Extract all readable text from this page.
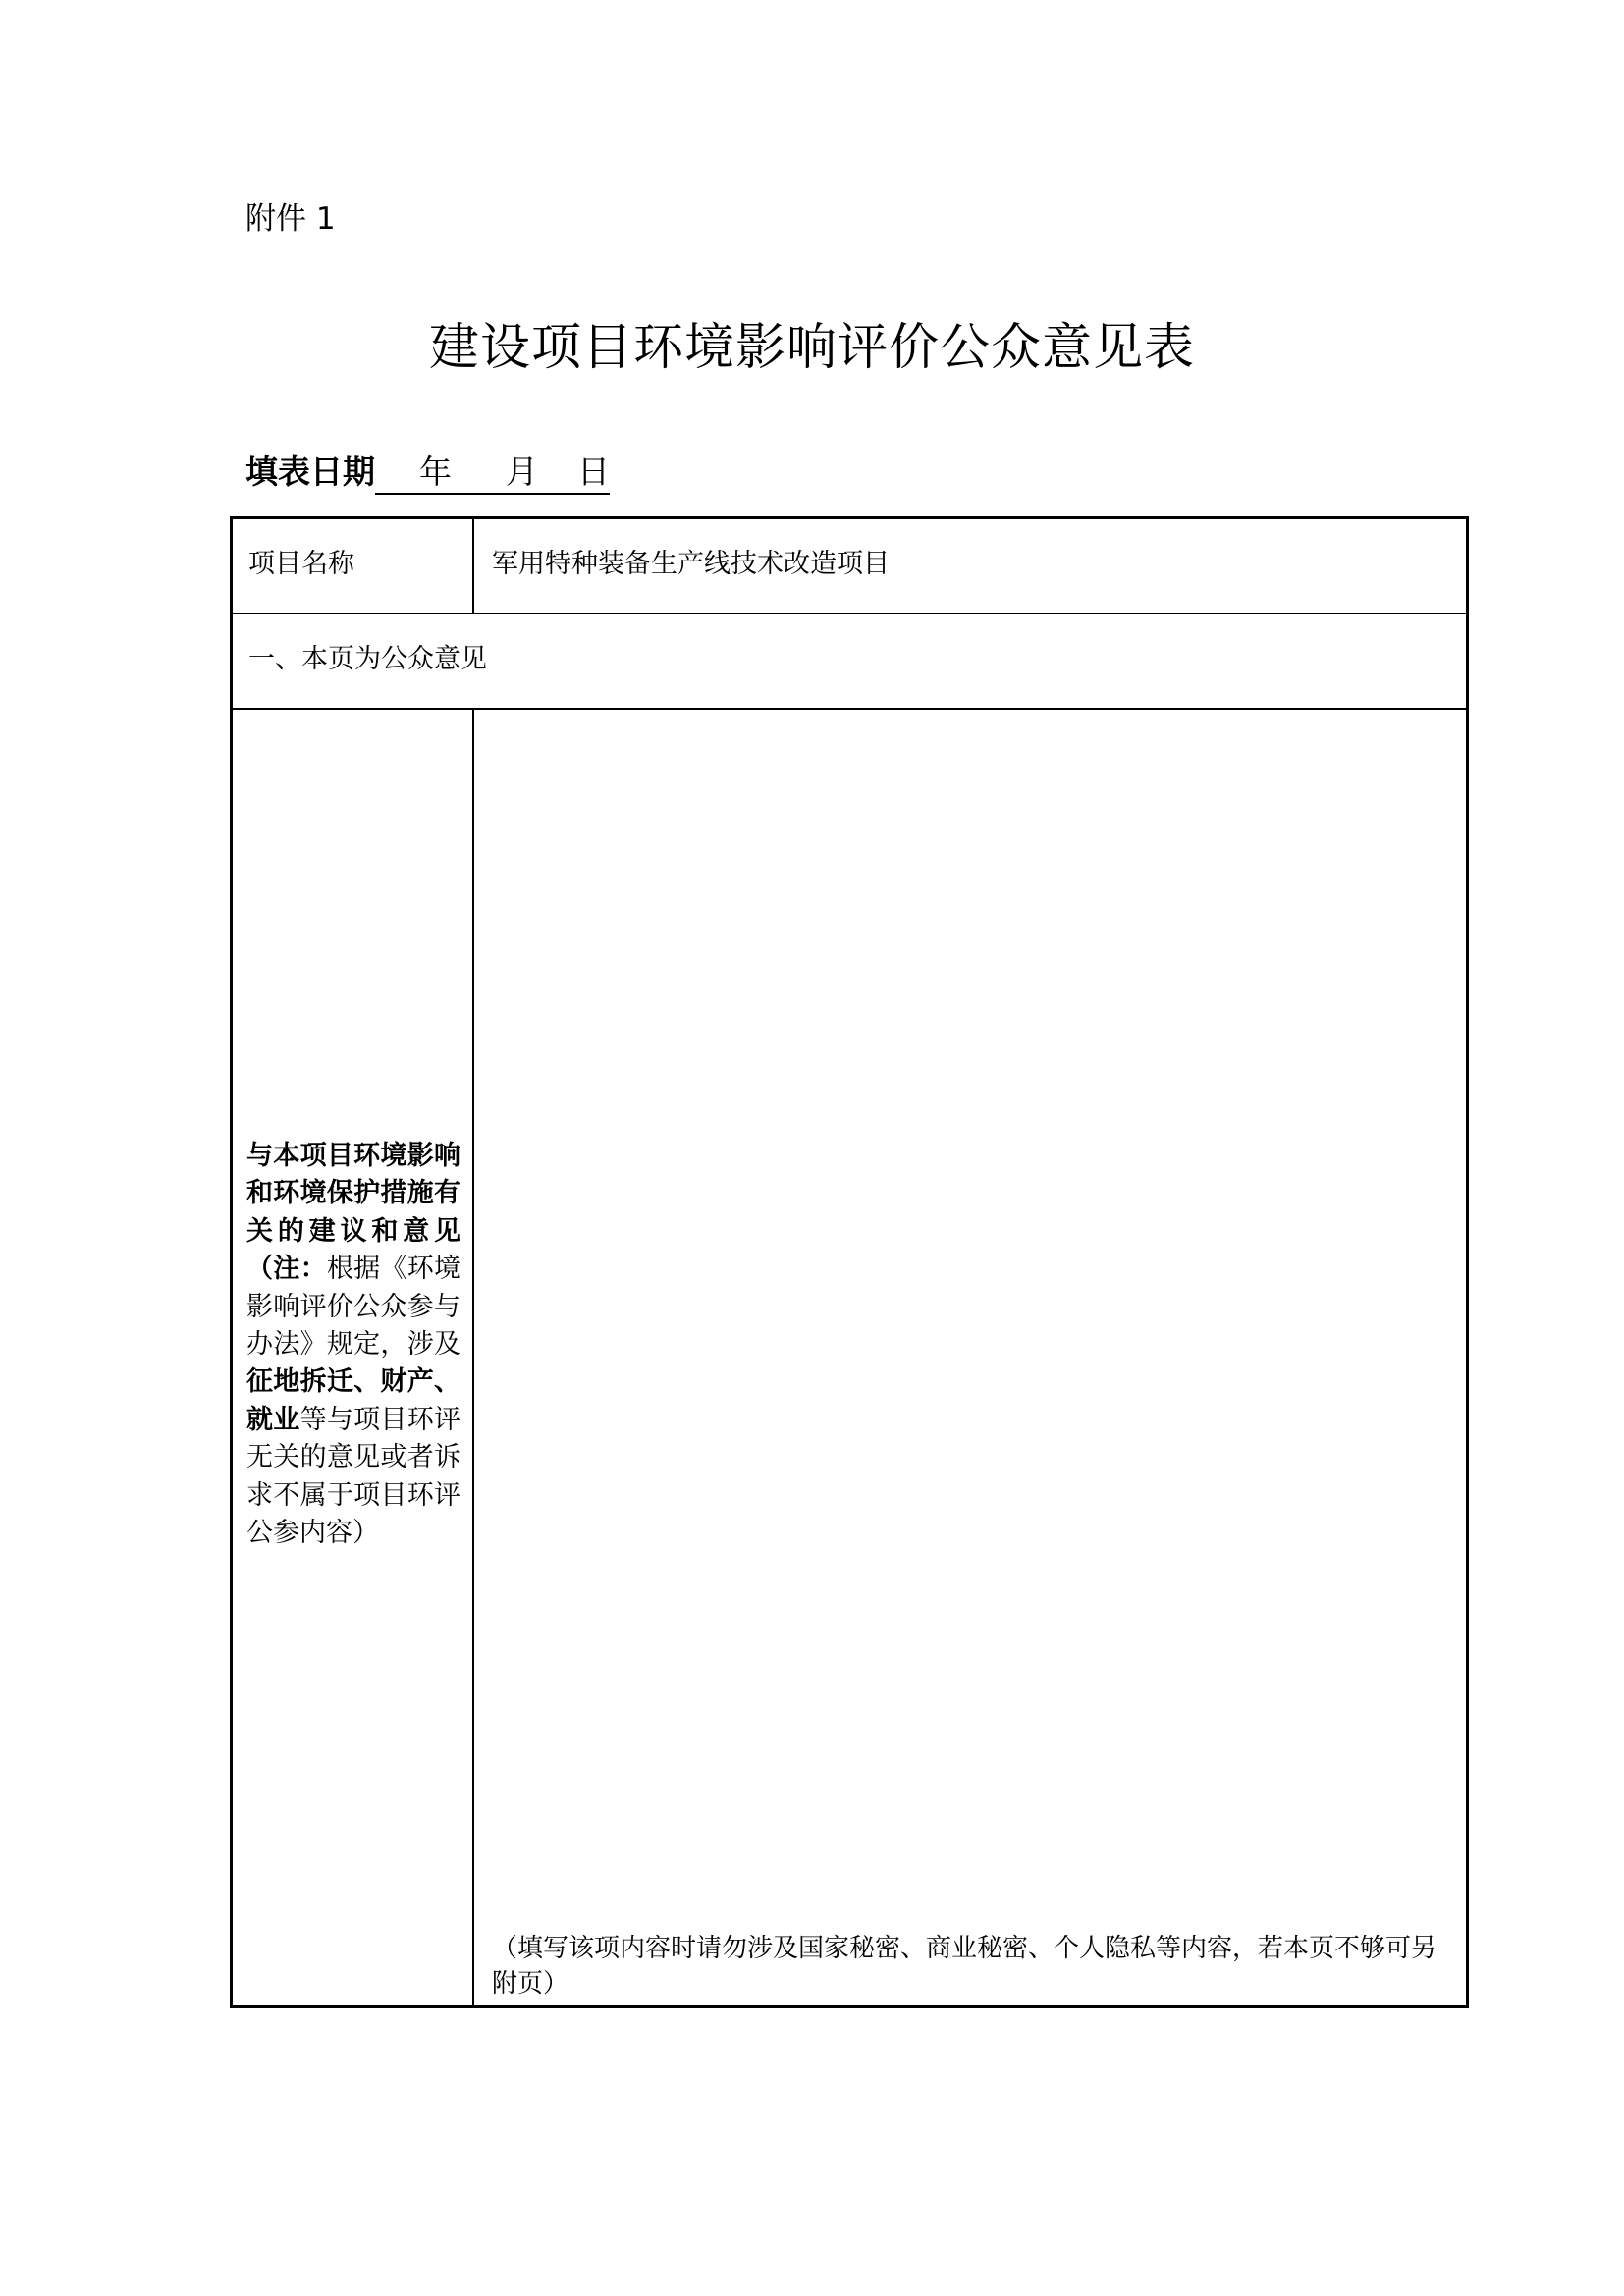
附件 1
建设项目环境影响评价公众意见表
填表日期 年 月 日
项目名称	军用特种装备生产线技术改造项目
一、本页为公众意见
与本项目环境影响和环境保护措施有关的建议和意见（注：根据《环境影响评价公众参与办法》规定，涉及征地拆迁、财产、就业等与项目环评无关的意见或者诉求不属于项目环评公参内容）
（填写该项内容时请勿涉及国家秘密、商业秘密、个人隐私等内容，若本页不够可另附页）
